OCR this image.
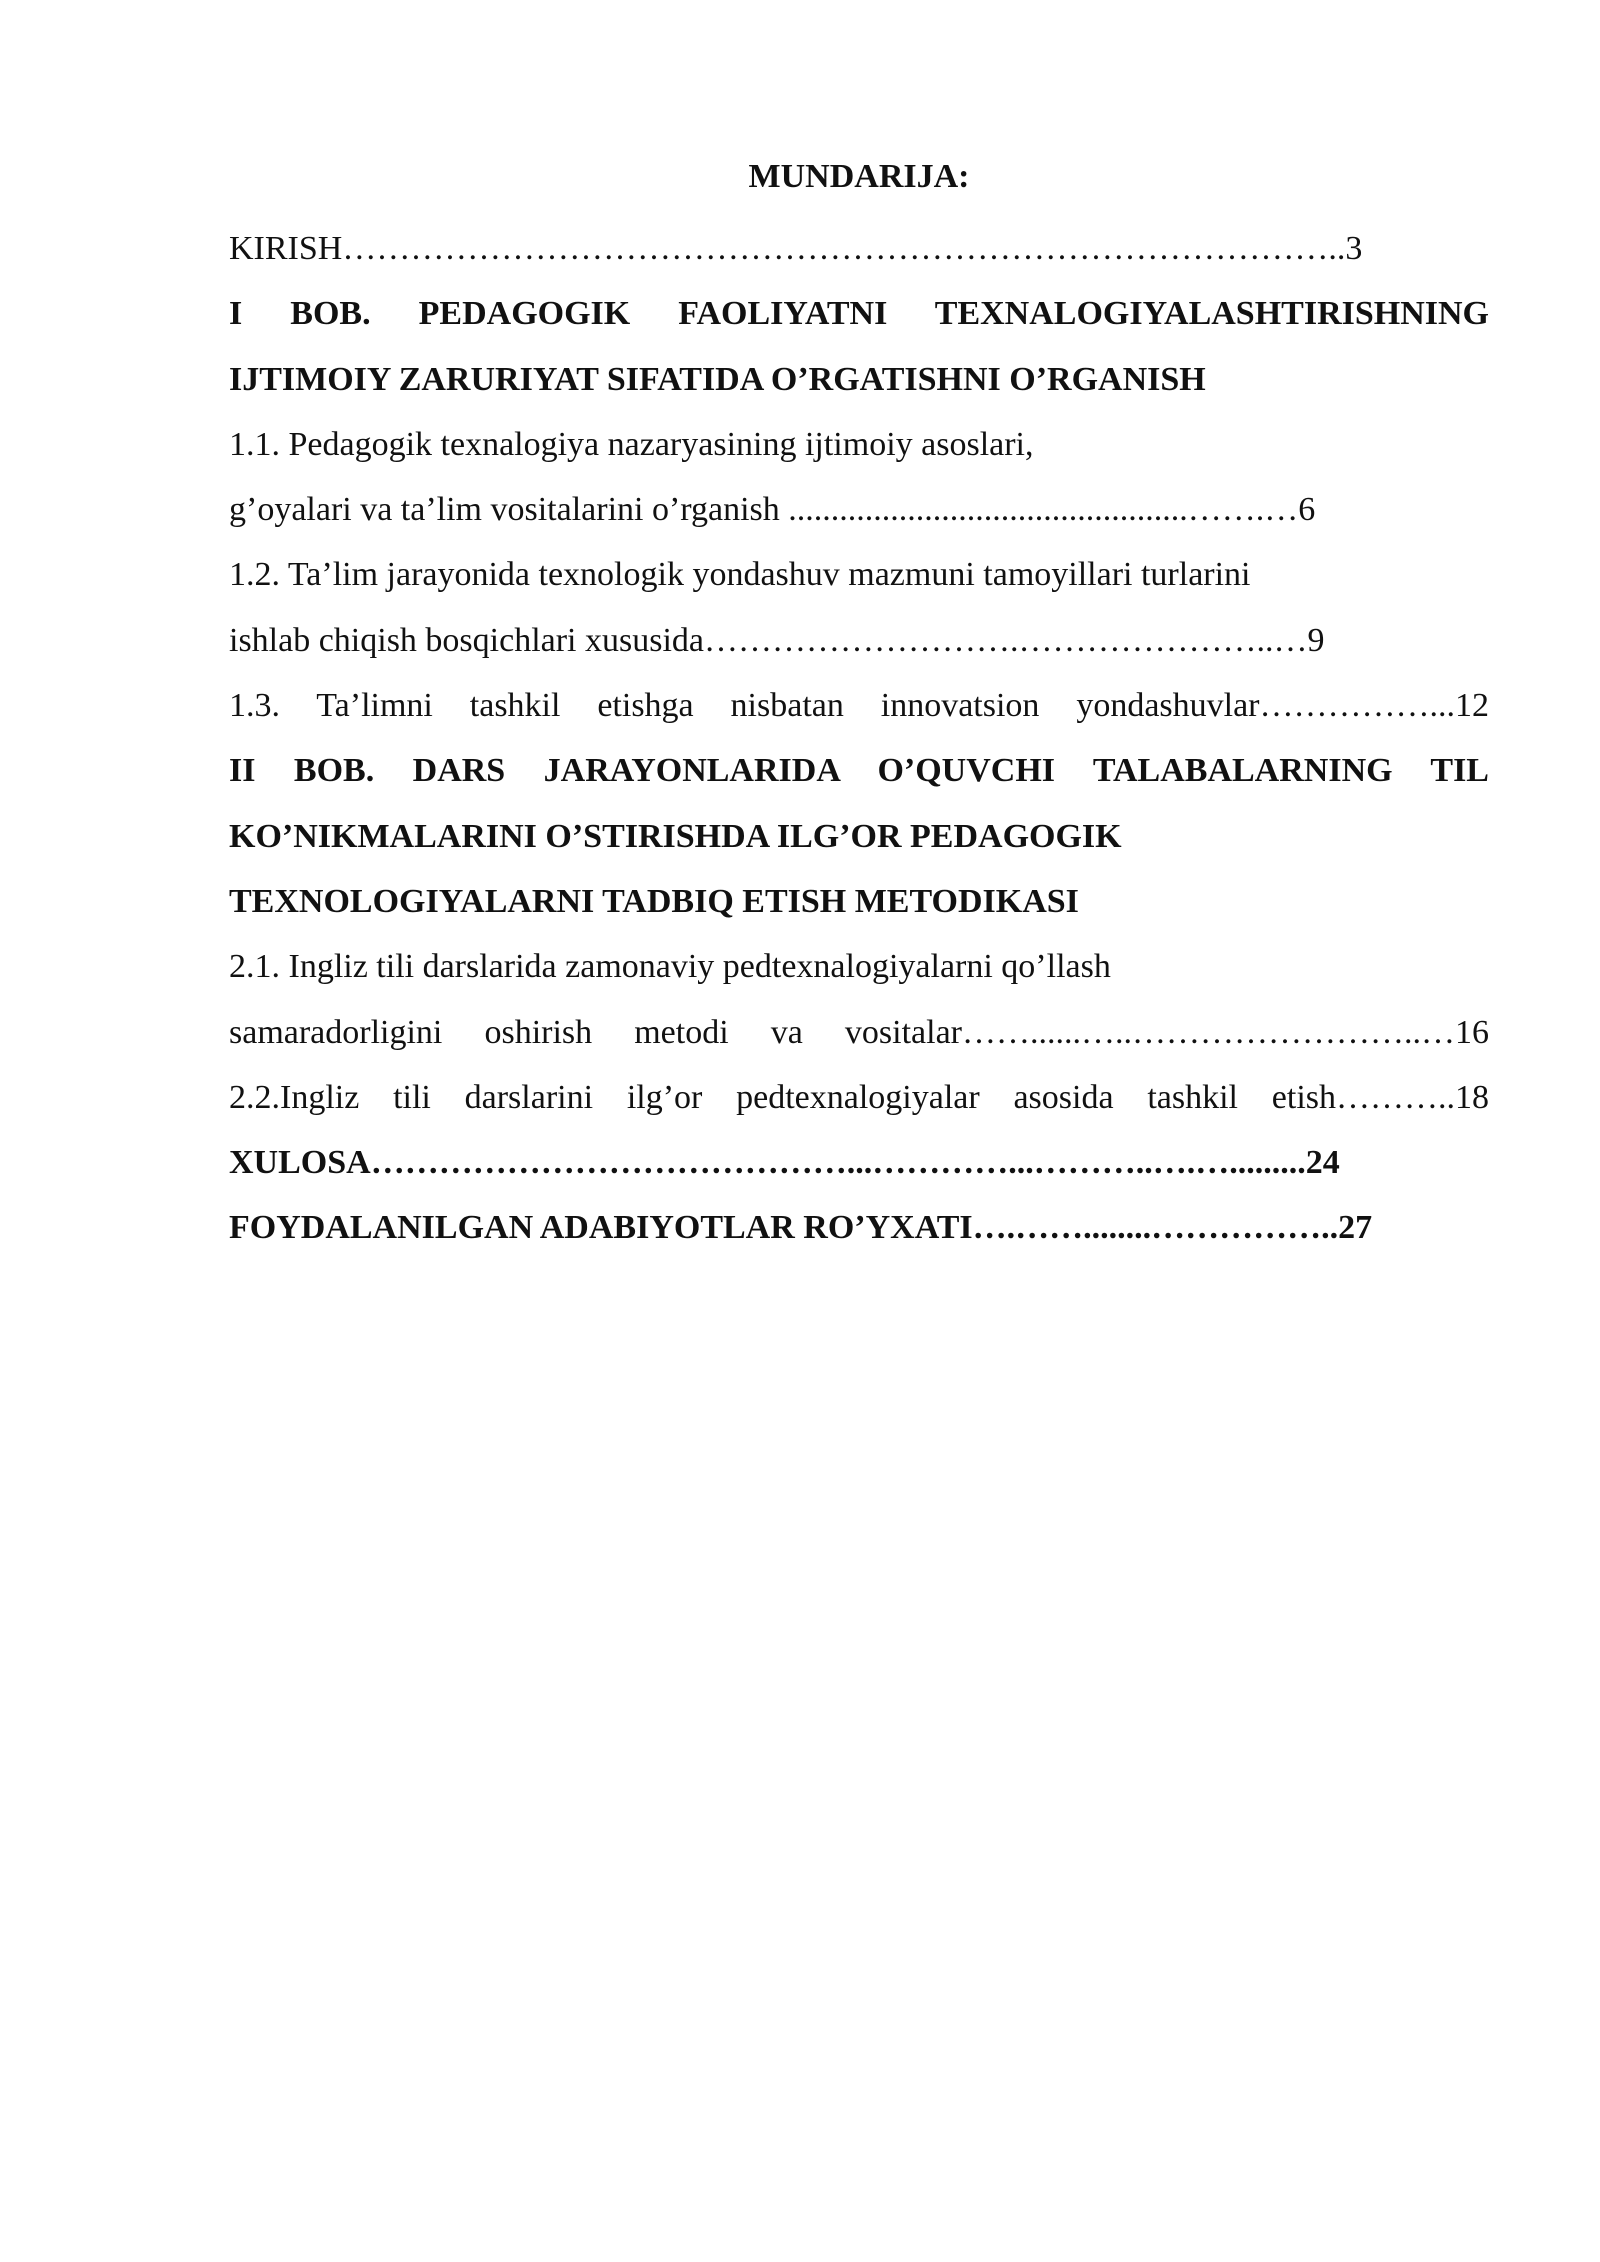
MUNDARIJA:
KIRISH……………………………………………………………………………..3
I BOB. PEDAGOGIK FAOLIYATNI TEXNALOGIYALASHTIRISHNING
IJTIMOIY ZARURIYAT SIFATIDA O’RGATISHNI O’RGANISH
1.1. Pedagogik texnalogiya nazaryasining ijtimoiy asoslari,
g’oyalari va ta’lim vositalarini o’rganish ...............................................…….…6
1.2. Ta’lim jarayonida texnologik yondashuv mazmuni tamoyillari turlarini
ishlab chiqish bosqichlari xususida……………………….…………………..…9
1.3. Ta’limni tashkil etishga nisbatan innovatsion yondashuvlar……………...12
II BOB. DARS JARAYONLARIDA O’QUVCHI TALABALARNING TIL
KO’NIKMALARINI O’STIRISHDA ILG’OR PEDAGOGIK
TEXNOLOGIYALARNI TADBIQ ETISH METODIKASI
2.1. Ingliz tili darslarida zamonaviy pedtexnalogiyalarni qo’llash
samaradorligini oshirish metodi va vositalar……......…..……………………..…16
2.2.Ingliz tili darslarini ilg’or pedtexnalogiyalar asosida tashkil etish………..18
XULOSA……………………………………...…………...………..….….........24
FOYDALANILGAN ADABIYOTLAR RO’YXATI….……........……………..27
